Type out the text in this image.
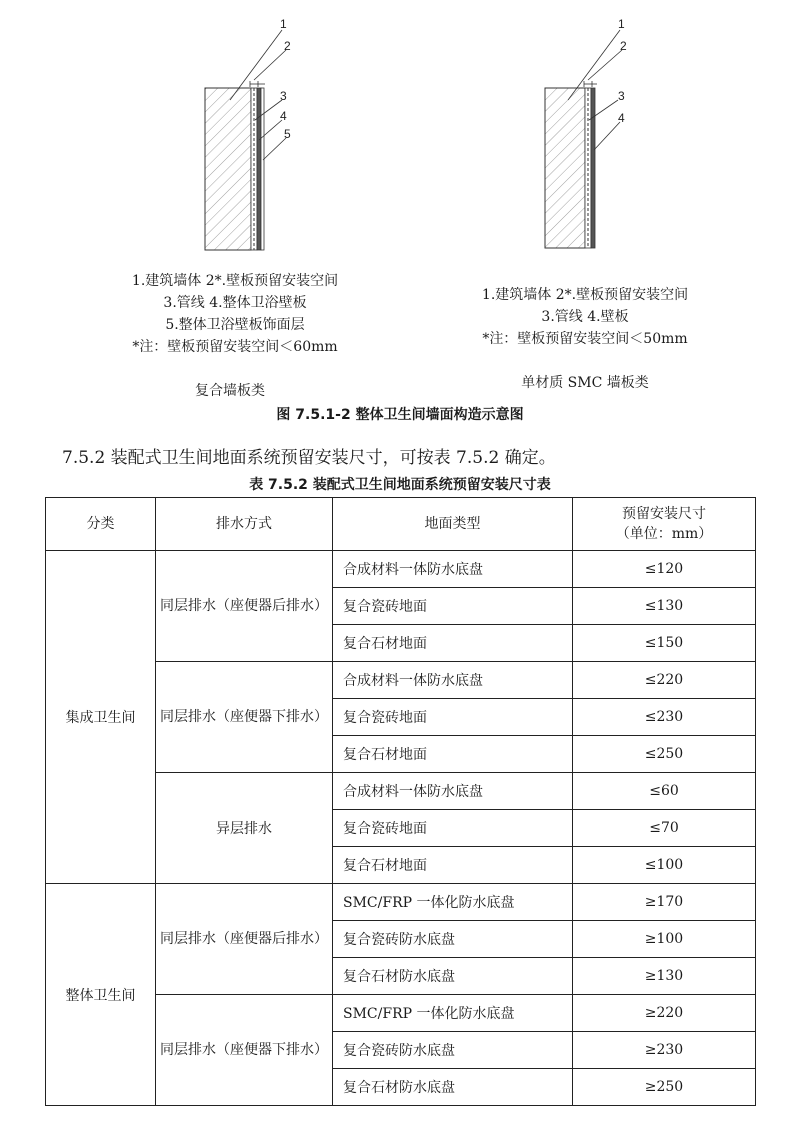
1
2
3
4
5
1
2
3
4
1.建筑墙体 2*.壁板预留安装空间
3.管线 4.整体卫浴壁板
5.整体卫浴壁板饰面层
*注：壁板预留安装空间＜60mm
复合墙板类
1.建筑墙体 2*.壁板预留安装空间
3.管线 4.壁板
*注：壁板预留安装空间＜50mm
单材质 SMC 墙板类
图 7.5.1-2 整体卫生间墙面构造示意图
7.5.2 装配式卫生间地面系统预留安装尺寸，可按表 7.5.2 确定。
表 7.5.2 装配式卫生间地面系统预留安装尺寸表
分类	排水方式	地面类型	预留安装尺寸
（单位：mm）

集成卫生间	同层排水（座便器后排水）	合成材料一体防水底盘	≤120
		复合瓷砖地面	≤130
		复合石材地面	≤150
	同层排水（座便器下排水）	合成材料一体防水底盘	≤220
		复合瓷砖地面	≤230
		复合石材地面	≤250
	异层排水	合成材料一体防水底盘	≤60
		复合瓷砖地面	≤70
		复合石材地面	≤100
整体卫生间	同层排水（座便器后排水）	SMC/FRP 一体化防水底盘	≥170
		复合瓷砖防水底盘	≥100
		复合石材防水底盘	≥130
	同层排水（座便器下排水）	SMC/FRP 一体化防水底盘	≥220
		复合瓷砖防水底盘	≥230
		复合石材防水底盘	≥250
